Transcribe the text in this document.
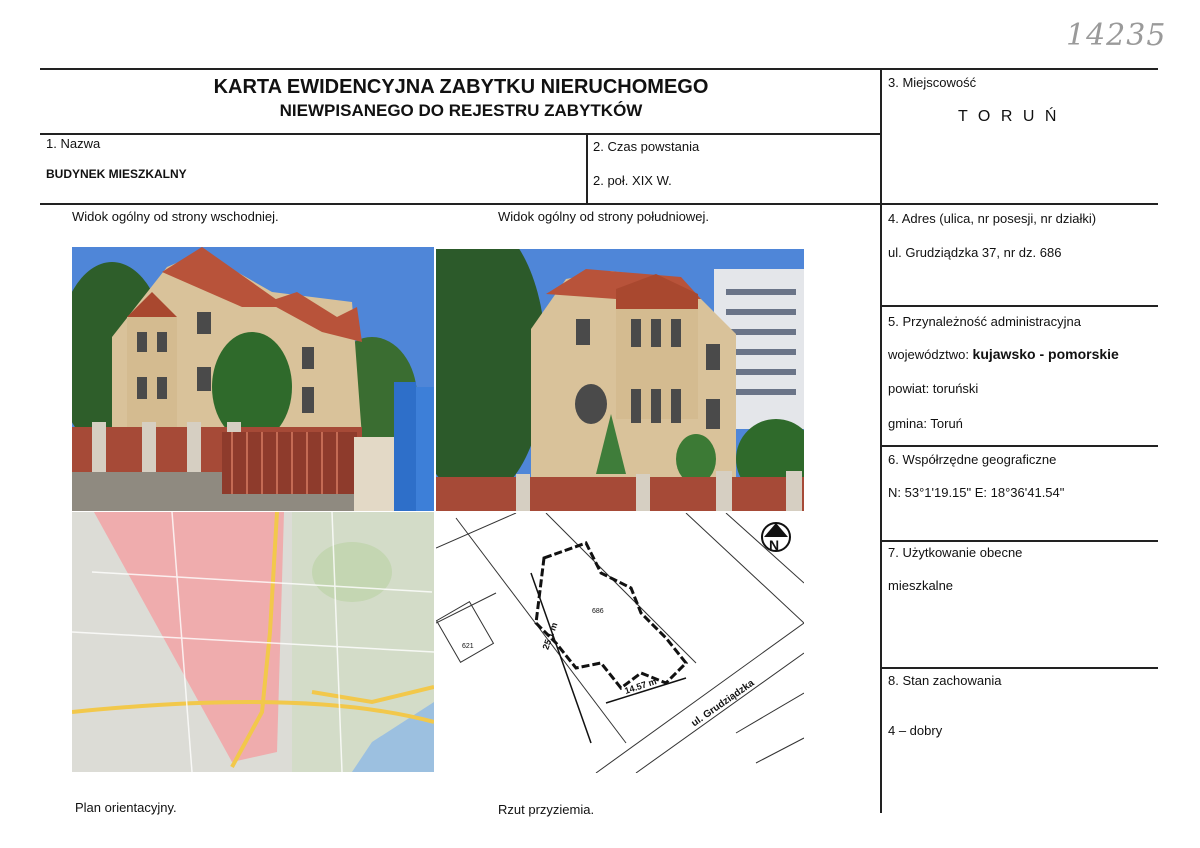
14235
KARTA EWIDENCYJNA ZABYTKU NIERUCHOMEGO
NIEWPISANEGO DO REJESTRU ZABYTKÓW
1. Nazwa
BUDYNEK MIESZKALNY
2. Czas powstania
2. poł. XIX W.
3. Miejscowość
T O R U Ń
4. Adres (ulica, nr posesji, nr działki)
ul. Grudziądzka 37, nr dz. 686
5. Przynależność administracyjna
województwo: kujawsko - pomorskie
powiat: toruński
gmina: Toruń
6. Współrzędne geograficzne
N: 53°1'19.15" E: 18°36'41.54"
7. Użytkowanie obecne
mieszkalne
8. Stan zachowania
4 – dobry
Widok ogólny od strony wschodniej.	Widok ogólny od strony południowej.
Plan orientacyjny.	Rzut przyziemia.
N
25.1 m
14.57 m
686
621
ul. Grudziądzka
